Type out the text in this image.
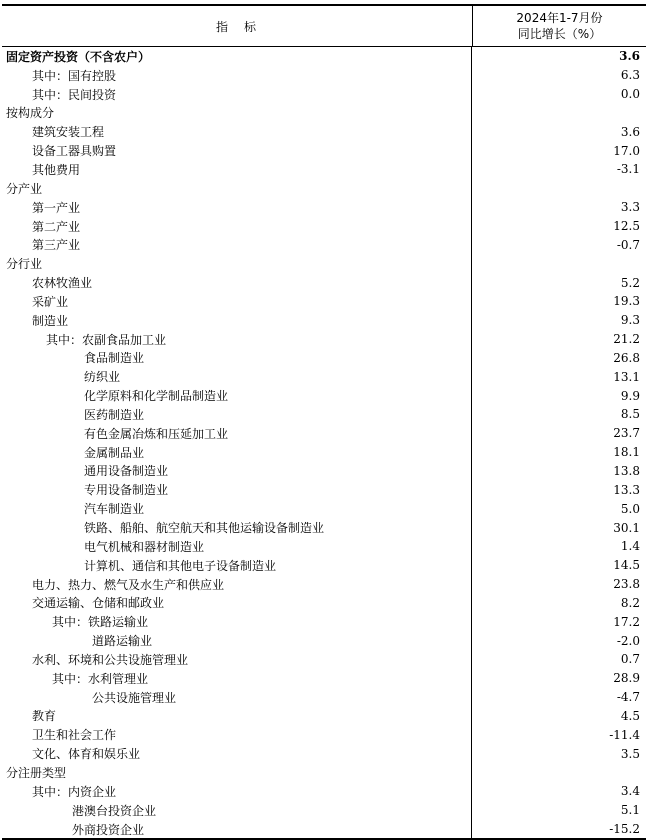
指　标
2024年1-7月份
同比增长（%）
固定资产投资（不含农户）	3.6
其中：国有控股	6.3
其中：民间投资	0.0
按构成分
建筑安装工程	3.6
设备工器具购置	17.0
其他费用	-3.1
分产业
第一产业	3.3
第二产业	12.5
第三产业	-0.7
分行业
农林牧渔业	5.2
采矿业	19.3
制造业	9.3
其中：农副食品加工业	21.2
食品制造业	26.8
纺织业	13.1
化学原料和化学制品制造业	9.9
医药制造业	8.5
有色金属冶炼和压延加工业	23.7
金属制品业	18.1
通用设备制造业	13.8
专用设备制造业	13.3
汽车制造业	5.0
铁路、船舶、航空航天和其他运输设备制造业	30.1
电气机械和器材制造业	1.4
计算机、通信和其他电子设备制造业	14.5
电力、热力、燃气及水生产和供应业	23.8
交通运输、仓储和邮政业	8.2
其中：铁路运输业	17.2
道路运输业	-2.0
水利、环境和公共设施管理业	0.7
其中：水利管理业	28.9
公共设施管理业	-4.7
教育	4.5
卫生和社会工作	-11.4
文化、体育和娱乐业	3.5
分注册类型
其中：内资企业	3.4
港澳台投资企业	5.1
外商投资企业	-15.2
